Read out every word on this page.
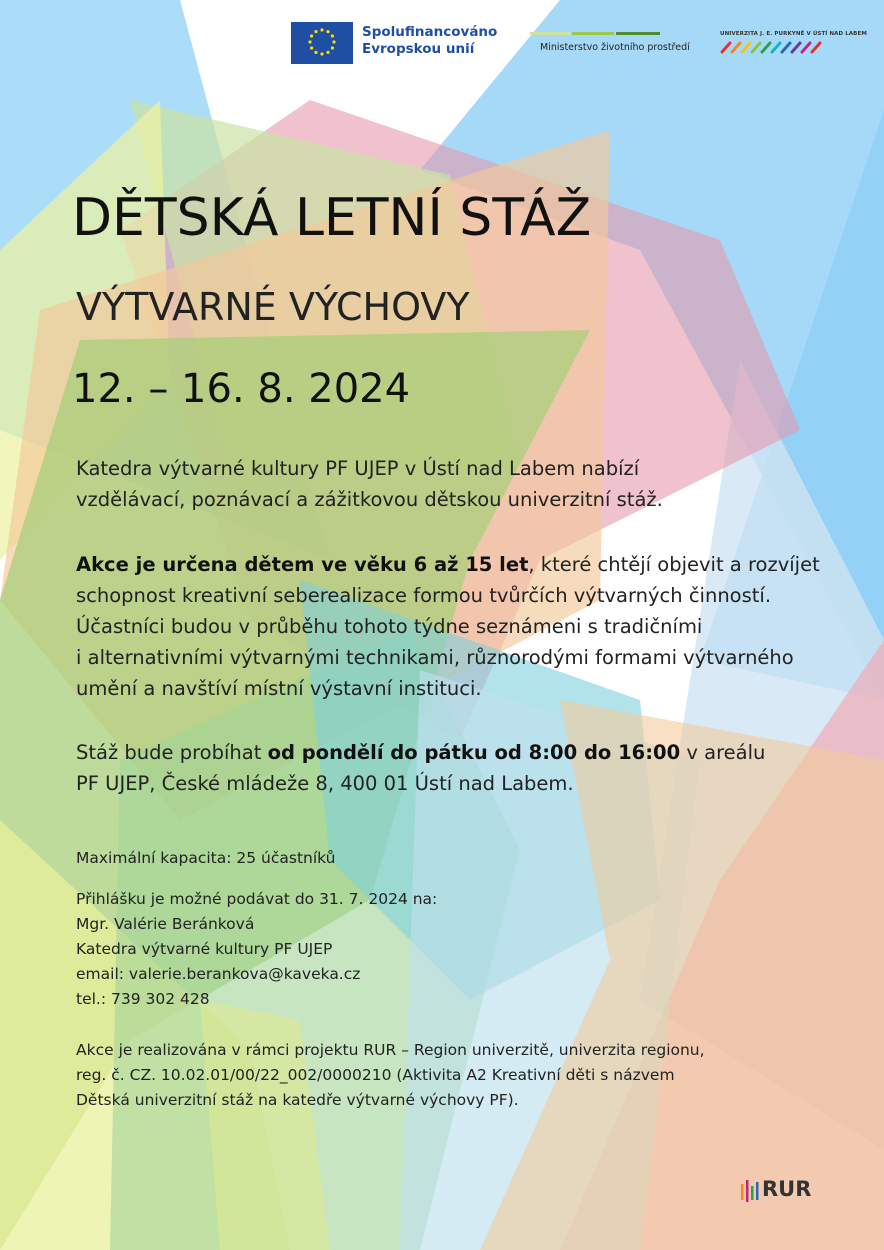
Spolufinancováno
Evropskou unií	Ministerstvo životního prostředí
UNIVERZITA J. E. PURKYNĚ V ÚSTÍ NAD LABEM
DĚTSKÁ LETNÍ STÁŽ
VÝTVARNÉ VÝCHOVY
12. – 16. 8. 2024
Katedra výtvarné kultury PF UJEP v Ústí nad Labem nabízí
vzdělávací, poznávací a zážitkovou dětskou univerzitní stáž.
Akce je určena dětem ve věku 6 až 15 let, které chtějí objevit a rozvíjet
schopnost kreativní seberealizace formou tvůrčích výtvarných činností.
Účastníci budou v průběhu tohoto týdne seznámeni s tradičními
i alternativními výtvarnými technikami, různorodými formami výtvarného
umění a navštíví místní výstavní instituci.
Stáž bude probíhat od pondělí do pátku od 8:00 do 16:00 v areálu
PF UJEP, České mládeže 8, 400 01 Ústí nad Labem.
Maximální kapacita: 25 účastníků
Přihlášku je možné podávat do 31. 7. 2024 na:
Mgr. Valérie Beránková
Katedra výtvarné kultury PF UJEP
email: valerie.berankova@kaveka.cz
tel.: 739 302 428
Akce je realizována v rámci projektu RUR – Region univerzitě, univerzita regionu,
reg. č. CZ. 10.02.01/00/22_002/0000210 (Aktivita A2 Kreativní děti s názvem
Dětská univerzitní stáž na katedře výtvarné výchovy PF).
RUR
